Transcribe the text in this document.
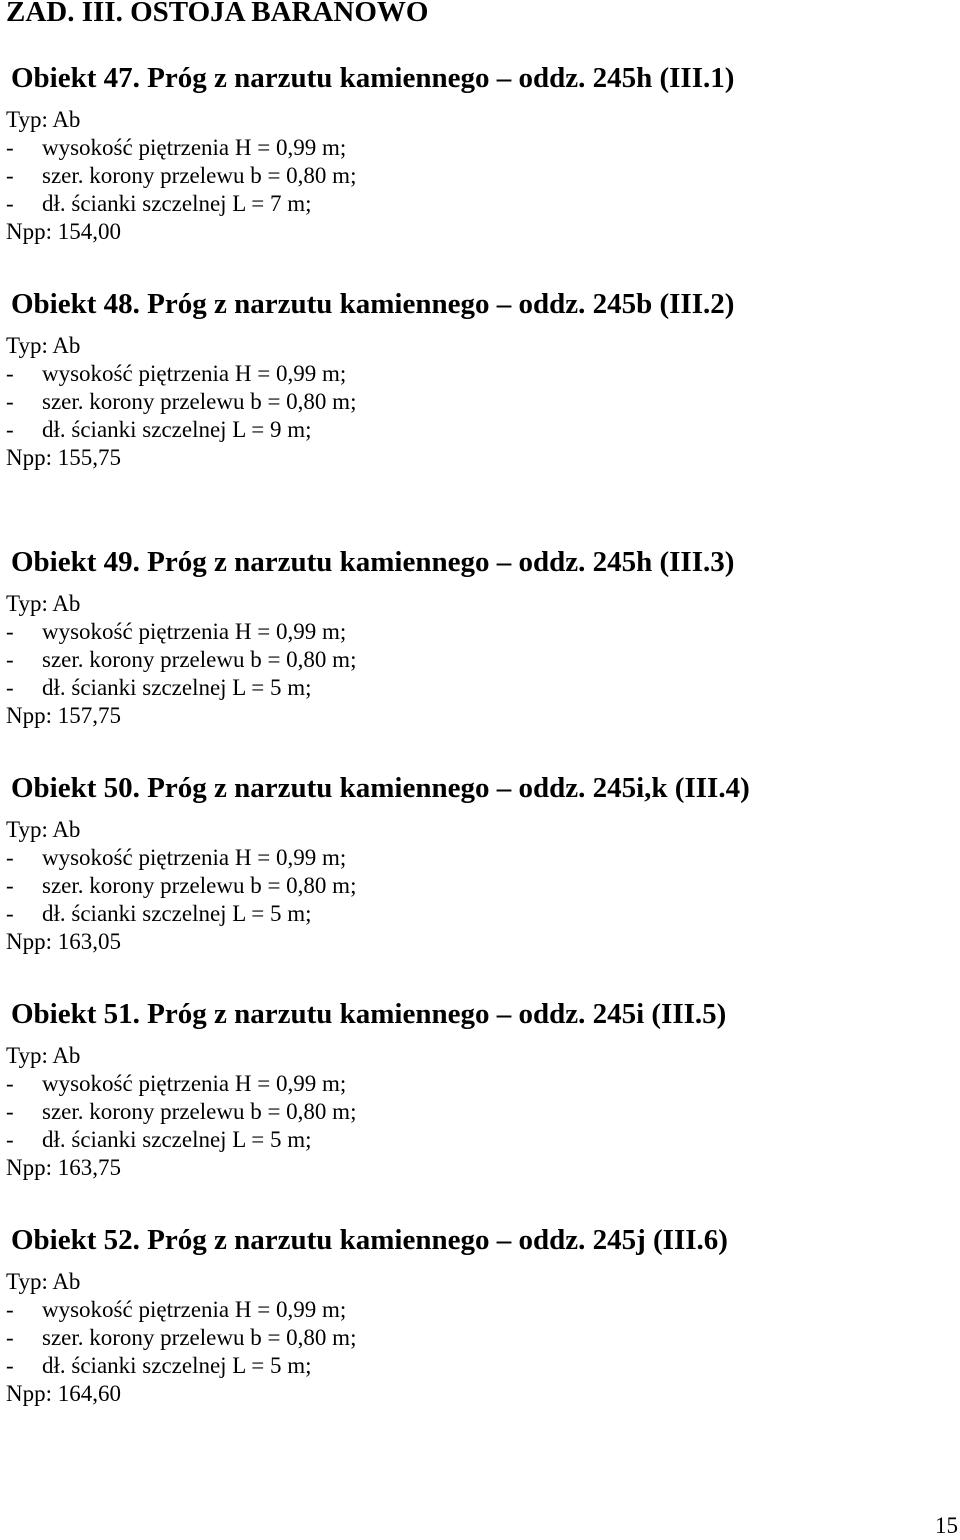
ZAD. III. OSTOJA BARANOWO
Obiekt 47. Próg z narzutu kamiennego – oddz. 245h (III.1)

Typ: Ab

-	wysokość piętrzenia H = 0,99 m;

-	szer. korony przelewu b = 0,80 m;

-	dł. ścianki szczelnej L = 7 m;

Npp: 154,00

Obiekt 48. Próg z narzutu kamiennego – oddz. 245b (III.2)

Typ: Ab

-	wysokość piętrzenia H = 0,99 m;

-	szer. korony przelewu b = 0,80 m;

-	dł. ścianki szczelnej L = 9 m;

Npp: 155,75

Obiekt 49. Próg z narzutu kamiennego – oddz. 245h (III.3)

Typ: Ab

-	wysokość piętrzenia H = 0,99 m;

-	szer. korony przelewu b = 0,80 m;

-	dł. ścianki szczelnej L = 5 m;

Npp: 157,75

Obiekt 50. Próg z narzutu kamiennego – oddz. 245i,k (III.4)

Typ: Ab

-	wysokość piętrzenia H = 0,99 m;

-	szer. korony przelewu b = 0,80 m;

-	dł. ścianki szczelnej L = 5 m;

Npp: 163,05

Obiekt 51. Próg z narzutu kamiennego – oddz. 245i (III.5)

Typ: Ab

-	wysokość piętrzenia H = 0,99 m;

-	szer. korony przelewu b = 0,80 m;

-	dł. ścianki szczelnej L = 5 m;

Npp: 163,75

Obiekt 52. Próg z narzutu kamiennego – oddz. 245j (III.6)

Typ: Ab

-	wysokość piętrzenia H = 0,99 m;

-	szer. korony przelewu b = 0,80 m;

-	dł. ścianki szczelnej L = 5 m;

Npp: 164,60

15
